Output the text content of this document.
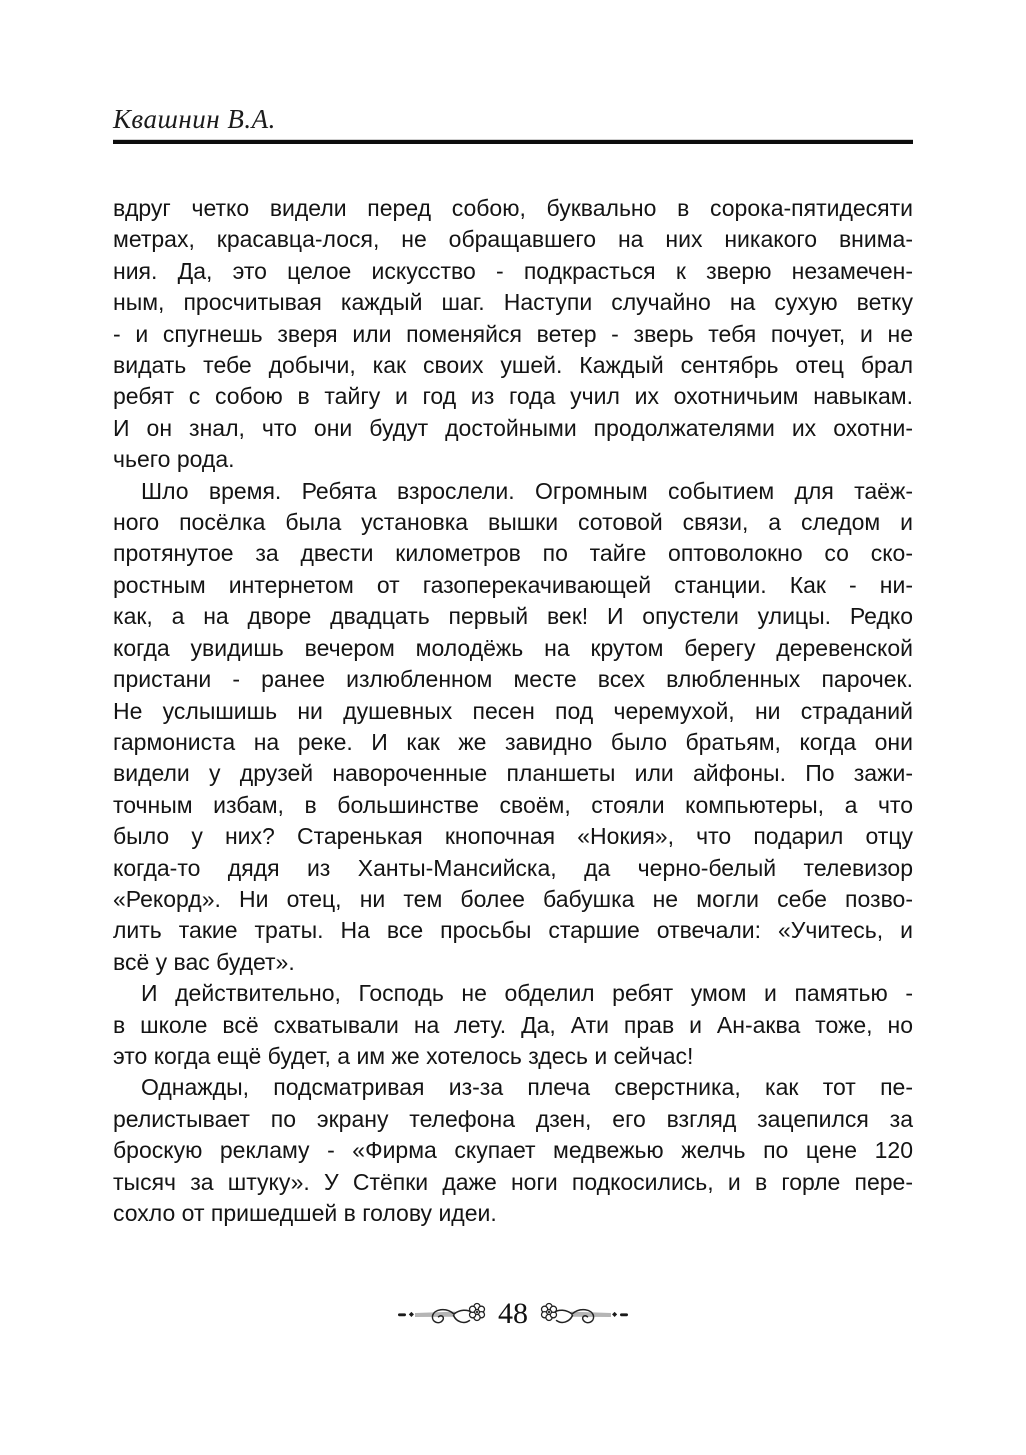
Квашнин В.А.
вдруг четко видели перед собою, буквально в сорока-пятидесяти
метрах, красавца-лося, не обращавшего на них никакого внима-
ния. Да, это целое искусство - подкрасться к зверю незамечен-
ным, просчитывая каждый шаг. Наступи случайно на сухую ветку
- и спугнешь зверя или поменяйся ветер - зверь тебя почует, и не
видать тебе добычи, как своих ушей. Каждый сентябрь отец брал
ребят с собою в тайгу и год из года учил их охотничьим навыкам.
И он знал, что они будут достойными продолжателями их охотни-
чьего рода.
Шло время. Ребята взрослели. Огромным событием для таёж-
ного посёлка была установка вышки сотовой связи, а следом и
протянутое за двести километров по тайге оптоволокно со ско-
ростным интернетом от газоперекачивающей станции. Как - ни-
как, а на дворе двадцать первый век! И опустели улицы. Редко
когда увидишь вечером молодёжь на крутом берегу деревенской
пристани - ранее излюбленном месте всех влюбленных парочек.
Не услышишь ни душевных песен под черемухой, ни страданий
гармониста на реке. И как же завидно было братьям, когда они
видели у друзей навороченные планшеты или айфоны. По зажи-
точным избам, в большинстве своём, стояли компьютеры, а что
было у них? Старенькая кнопочная «Нокия», что подарил отцу
когда-то дядя из Ханты-Мансийска, да черно-белый телевизор
«Рекорд». Ни отец, ни тем более бабушка не могли себе позво-
лить такие траты. На все просьбы старшие отвечали: «Учитесь, и
всё у вас будет».
И действительно, Господь не обделил ребят умом и памятью -
в школе всё схватывали на лету. Да, Ати прав и Ан-аква тоже, но
это когда ещё будет, а им же хотелось здесь и сейчас!
Однажды, подсматривая из-за плеча сверстника, как тот пе-
релистывает по экрану телефона дзен, его взгляд зацепился за
броскую рекламу - «Фирма скупает медвежью желчь по цене 120
тысяч за штуку». У Стёпки даже ноги подкосились, и в горле пере-
сохло от пришедшей в голову идеи.
48
